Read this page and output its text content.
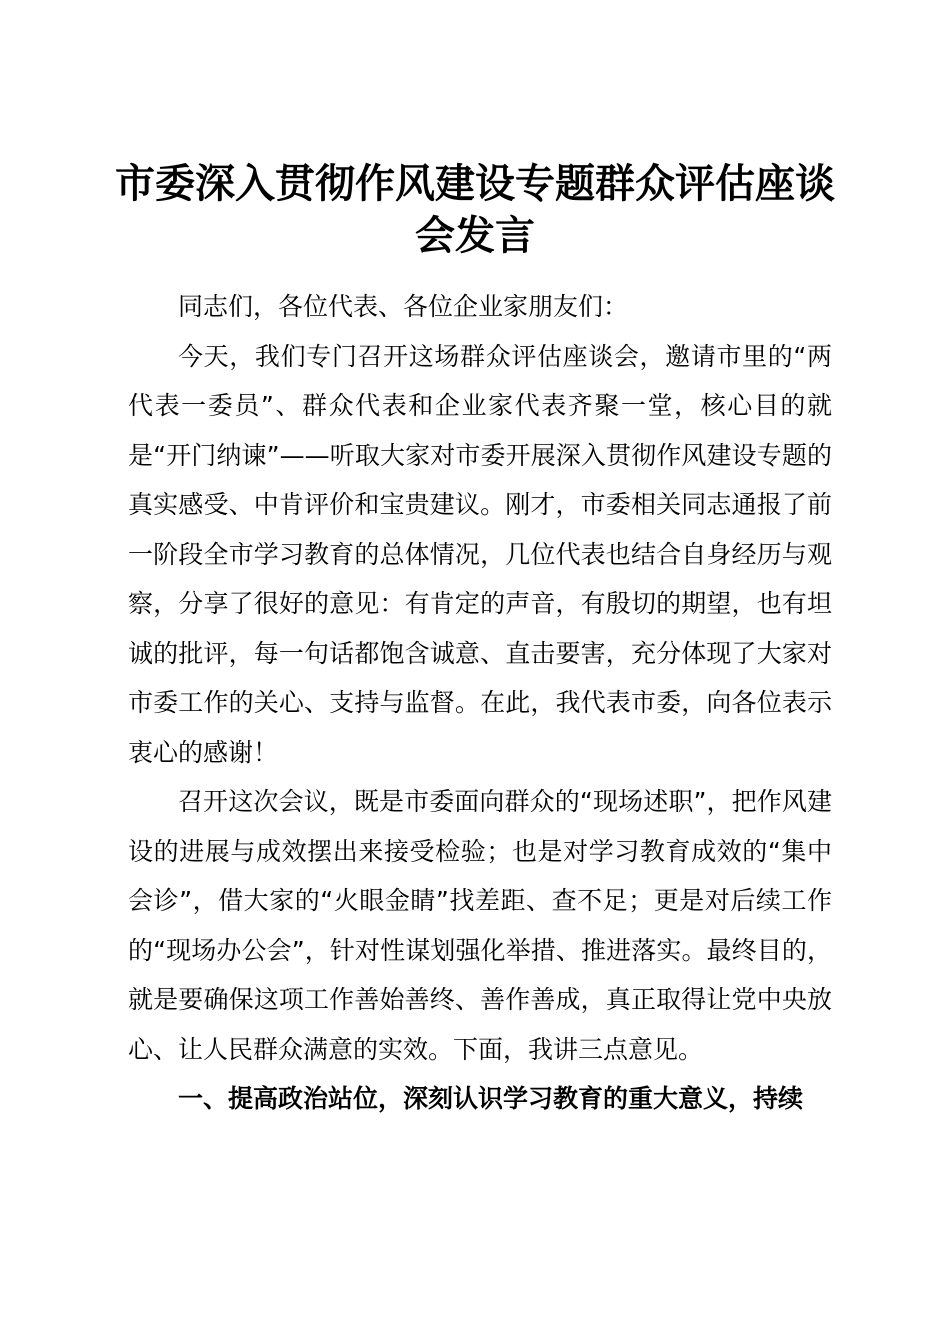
市委深入贯彻作风建设专题群众评估座谈会发言

同志们，各位代表、各位企业家朋友们：

今天，我们专门召开这场群众评估座谈会，邀请市里的“两代表一委员”、群众代表和企业家代表齐聚一堂，核心目的就是“开门纳谏”——听取大家对市委开展深入贯彻作风建设专题的真实感受、中肯评价和宝贵建议。刚才，市委相关同志通报了前一阶段全市学习教育的总体情况，几位代表也结合自身经历与观察，分享了很好的意见：有肯定的声音，有殷切的期望，也有坦诚的批评，每一句话都饱含诚意、直击要害，充分体现了大家对市委工作的关心、支持与监督。在此，我代表市委，向各位表示衷心的感谢！

召开这次会议，既是市委面向群众的“现场述职”，把作风建设的进展与成效摆出来接受检验；也是对学习教育成效的“集中会诊”，借大家的“火眼金睛”找差距、查不足；更是对后续工作的“现场办公会”，针对性谋划强化举措、推进落实。最终目的，就是要确保这项工作善始善终、善作善成，真正取得让党中央放心、让人民群众满意的实效。下面，我讲三点意见。

一、提高政治站位，深刻认识学习教育的重大意义，持续
